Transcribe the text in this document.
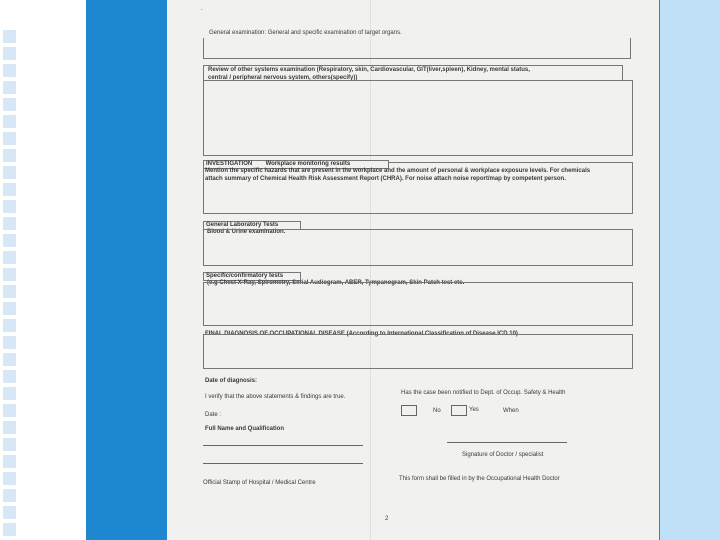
.
General examination: General and specific examination of target organs.
Review of other systems examination (Respiratory, skin, Cardiovascular, GIT(liver,spleen), Kidney, mental status,
central / peripheral nervous system, others(specify))
INVESTIGATION Workplace monitoring results
Mention the specific hazards that are present in the workplace and the amount of personal & workplace exposure levels. For chemicals
attach summary of Chemical Health Risk Assessment Report (CHRA). For noise attach noise report/map by competent person.
General Laboratory Tests
Blood & Urine examination.
Specific/confirmatory tests
(e.g Chest X-Ray, Spirometry, Serial Audiogram, ABER, Tympanogram, Skin Patch test etc.
FINAL DIAGNOSIS OF OCCUPATIONAL DISEASE (According to International Classification of Disease ICD 10)
Date of diagnosis:
I verify that the above statements & findings are true.
Has the case been notified to Dept. of Occup. Safety & Health
No	Yes	When
Date :
Full Name and Qualification
Signature of Doctor / specialist
Official Stamp of Hospital / Medical Centre
This form shall be filled in by the Occupational Health Doctor
2
